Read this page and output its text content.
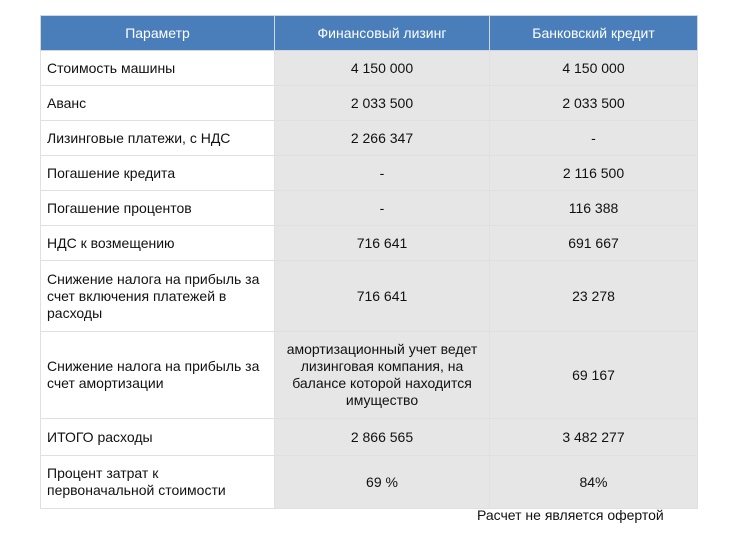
Параметр	Финансовый лизинг	Банковский кредит
Стоимость машины	4 150 000	4 150 000
Аванс	2 033 500	2 033 500
Лизинговые платежи, с НДС	2 266 347	-
Погашение кредита	-	2 116 500
Погашение процентов	-	116 388
НДС к возмещению	716 641	691 667
Снижение налога на прибыль за счет включения платежей в расходы	716 641	23 278
Снижение налога на прибыль за счет амортизации	амортизационный учет ведет лизинговая компания, на балансе которой находится имущество	69 167
ИТОГО расходы	2 866 565	3 482 277
Процент затрат к первоначальной стоимости	69 %	84%
Расчет не является офертой
